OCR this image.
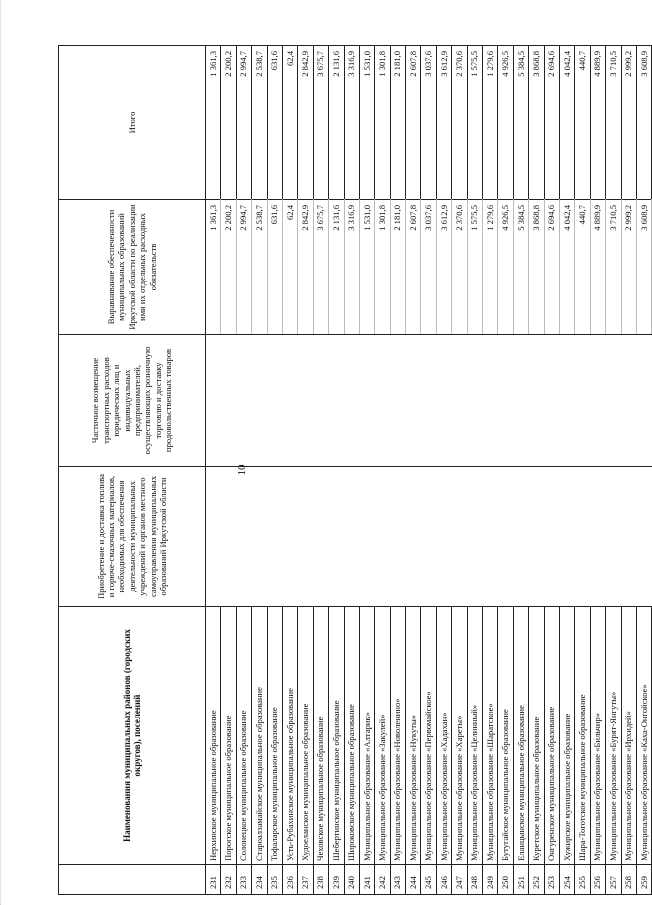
10
	Наименования муниципальных районов (городских округов), поселений	Приобретение и доставка топлива и горюче-смазочных материалов, необходимых для обеспечения деятельности муниципальных учреждений и органов местного самоуправления муниципальных образований Иркутской области	Частичное возмещение транспортных расходов юридических лиц и индивидуальных предпринимателей, осуществляющих розничную торговлю и доставку продовольственных товаров	Выравнивание обеспеченности муниципальных образований Иркутской области по реализации ими их отдельных расходных обязательств	Итого
231	Нерхинское муниципальное образование			1 361,3	1 361,3
232	Порогское муниципальное образование			2 200,2	2 200,2
233	Солонецкое муниципальное образование			2 994,7	2 994,7
234	Староалзамайское муниципальное образование			2 538,7	2 538,7
235	Тофаларское муниципальное образование			631,6	631,6
236	Усть-Рубахинское муниципальное образование			62,4	62,4
237	Худоеланское муниципальное образование			2 842,9	2 842,9
238	Чеховское муниципальное образование			3 675,7	3 675,7
239	Шебертинское муниципальное образование			2 131,6	2 131,6
240	Широковское муниципальное образование			3 316,9	3 316,9
241	Муниципальное образование «Алтарик»			1 531,0	1 531,0
242	Муниципальное образование «Закулей»			1 301,8	1 301,8
243	Муниципальное образование «Новоленино»			2 181,0	2 181,0
244	Муниципальное образование «Нукуты»			2 607,8	2 607,8
245	Муниципальное образование «Первомайское»			3 037,6	3 037,6
246	Муниципальное образование «Хадахан»			3 612,9	3 612,9
247	Муниципальное образование «Хареты»			2 370,6	2 370,6
248	Муниципальное образование «Целинный»			1 575,5	1 575,5
249	Муниципальное образование «Шаратское»			1 279,6	1 279,6
250	Бутугайское муниципальное образование			4 926,5	4 926,5
251	Еланцынское муниципальное образование			5 384,5	5 384,5
252	Куретское муниципальное образование			3 868,8	3 868,8
253	Онгуренское муниципальное образование			2 694,6	2 694,6
254	Хужирское муниципальное образование			4 042,4	4 042,4
255	Шара-Тоготское муниципальное образование			440,7	440,7
256	Муниципальное образование «Бильчир»			4 889,9	4 889,9
257	Муниципальное образование «Бурят-Янгуты»			3 710,5	3 710,5
258	Муниципальное образование «Ирхидей»			2 999,2	2 999,2
259	Муниципальное образование «Каха-Онгойское»			3 608,9	3 608,9
